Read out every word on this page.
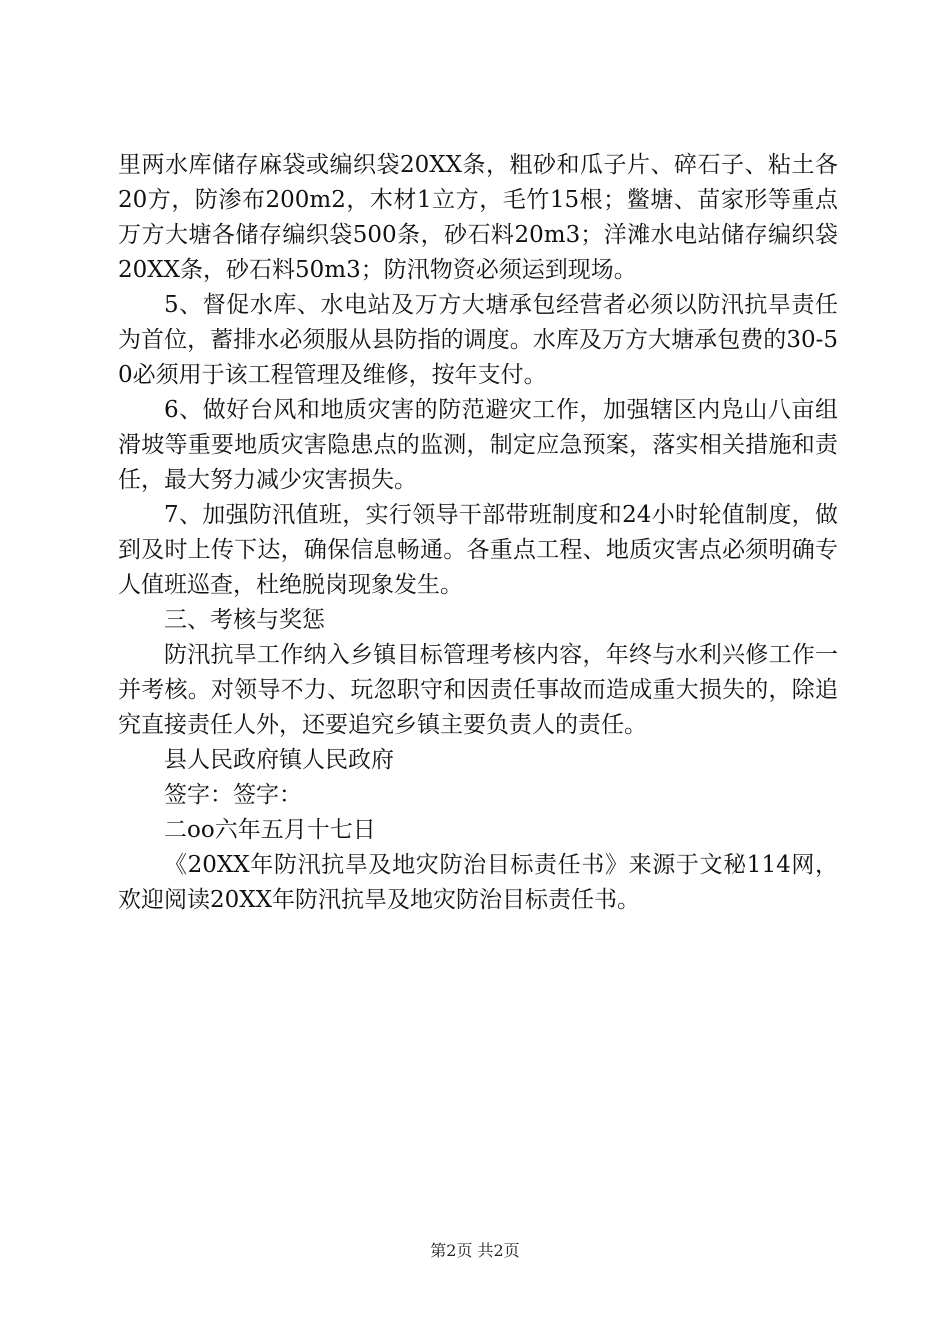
里两水库储存麻袋或编织袋20XX条，粗砂和瓜子片、碎石子、粘土各20方，防渗布200m2，木材1立方，毛竹15根；鳖塘、苗家形等重点万方大塘各储存编织袋500条，砂石料20m3；洋滩水电站储存编织袋20XX条，砂石料50m3；防汛物资必须运到现场。

5、督促水库、水电站及万方大塘承包经营者必须以防汛抗旱责任为首位，蓄排水必须服从县防指的调度。水库及万方大塘承包费的30-50必须用于该工程管理及维修，按年支付。

6、做好台风和地质灾害的防范避灾工作，加强辖区内凫山八亩组滑坡等重要地质灾害隐患点的监测，制定应急预案，落实相关措施和责任，最大努力减少灾害损失。

7、加强防汛值班，实行领导干部带班制度和24小时轮值制度，做到及时上传下达，确保信息畅通。各重点工程、地质灾害点必须明确专人值班巡查，杜绝脱岗现象发生。

三、考核与奖惩

防汛抗旱工作纳入乡镇目标管理考核内容，年终与水利兴修工作一并考核。对领导不力、玩忽职守和因责任事故而造成重大损失的，除追究直接责任人外，还要追究乡镇主要负责人的责任。

县人民政府镇人民政府

签字：签字：

二oo六年五月十七日

《20XX年防汛抗旱及地灾防治目标责任书》来源于文秘114网，欢迎阅读20XX年防汛抗旱及地灾防治目标责任书。

第2页 共2页
